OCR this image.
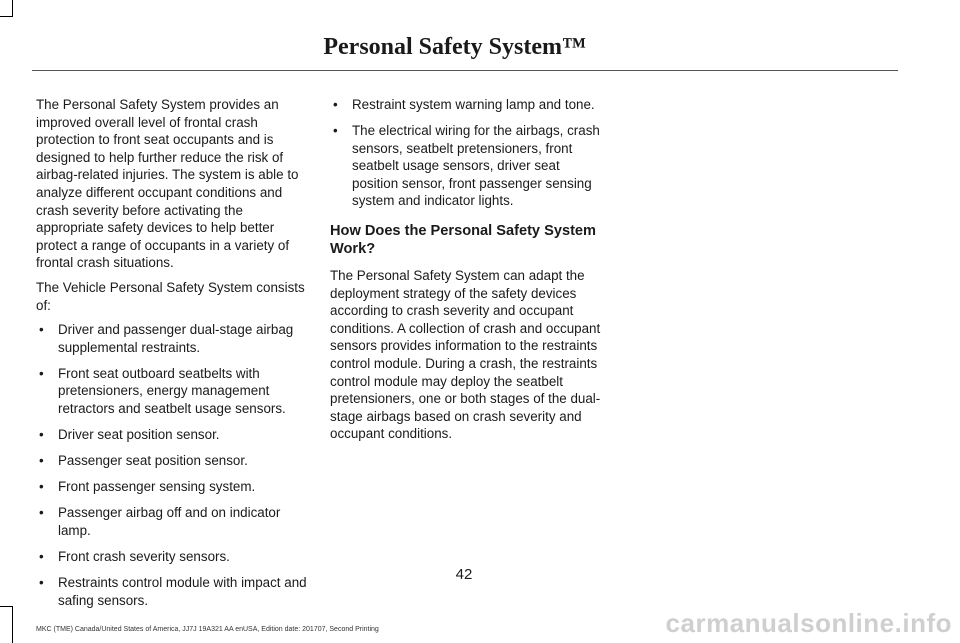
Personal Safety System™

The Personal Safety System provides an improved overall level of frontal crash protection to front seat occupants and is designed to help further reduce the risk of airbag-related injuries. The system is able to analyze different occupant conditions and crash severity before activating the appropriate safety devices to help better protect a range of occupants in a variety of frontal crash situations.

The Vehicle Personal Safety System consists of:

• Driver and passenger dual-stage airbag supplemental restraints.
• Front seat outboard seatbelts with pretensioners, energy management retractors and seatbelt usage sensors.
• Driver seat position sensor.
• Passenger seat position sensor.
• Front passenger sensing system.
• Passenger airbag off and on indicator lamp.
• Front crash severity sensors.
• Restraints control module with impact and safing sensors.
• Restraint system warning lamp and tone.
• The electrical wiring for the airbags, crash sensors, seatbelt pretensioners, front seatbelt usage sensors, driver seat position sensor, front passenger sensing system and indicator lights.
How Does the Personal Safety System Work?

The Personal Safety System can adapt the deployment strategy of the safety devices according to crash severity and occupant conditions. A collection of crash and occupant sensors provides information to the restraints control module. During a crash, the restraints control module may deploy the seatbelt pretensioners, one or both stages of the dual-stage airbags based on crash severity and occupant conditions.

42
MKC (TME) Canada/United States of America, JJ7J 19A321 AA enUSA, Edition date: 201707, Second Printing	carmanualsonline.info
